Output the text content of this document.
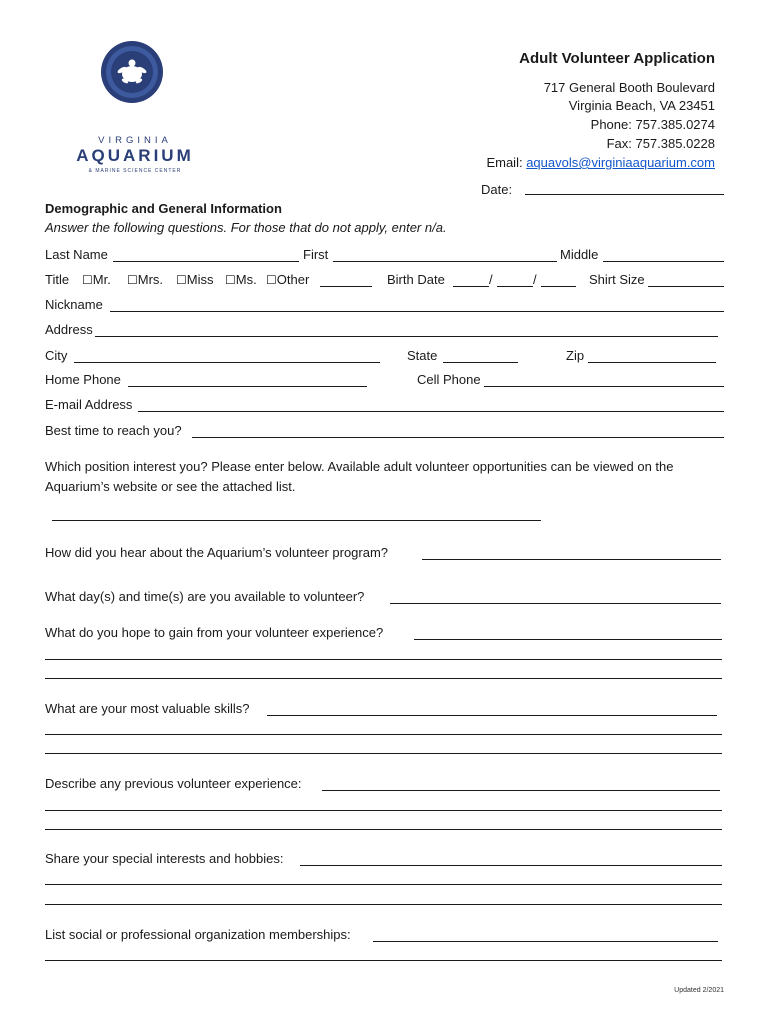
VIRGINIA
AQUARIUM
& MARINE SCIENCE CENTER
Adult Volunteer Application
717 General Booth Boulevard
Virginia Beach, VA 23451
Phone: 757.385.0274
Fax: 757.385.0228
Email: aquavols@virginiaaquarium.com
Date:
Demographic and General Information
Answer the following questions. For those that do not apply, enter n/a.
Last Name	First	Middle
Title ☐Mr. ☐Mrs. ☐Miss ☐Ms. ☐Other	Birth Date	/	/	Shirt Size
Nickname
Address
City	State	Zip
Home Phone	Cell Phone
E-mail Address
Best time to reach you?
Which position interest you? Please enter below. Available adult volunteer opportunities can be viewed on the
Aquarium’s website or see the attached list.
How did you hear about the Aquarium’s volunteer program?
What day(s) and time(s) are you available to volunteer?
What do you hope to gain from your volunteer experience?
What are your most valuable skills?
Describe any previous volunteer experience:
Share your special interests and hobbies:
List social or professional organization memberships:
Updated 2/2021
